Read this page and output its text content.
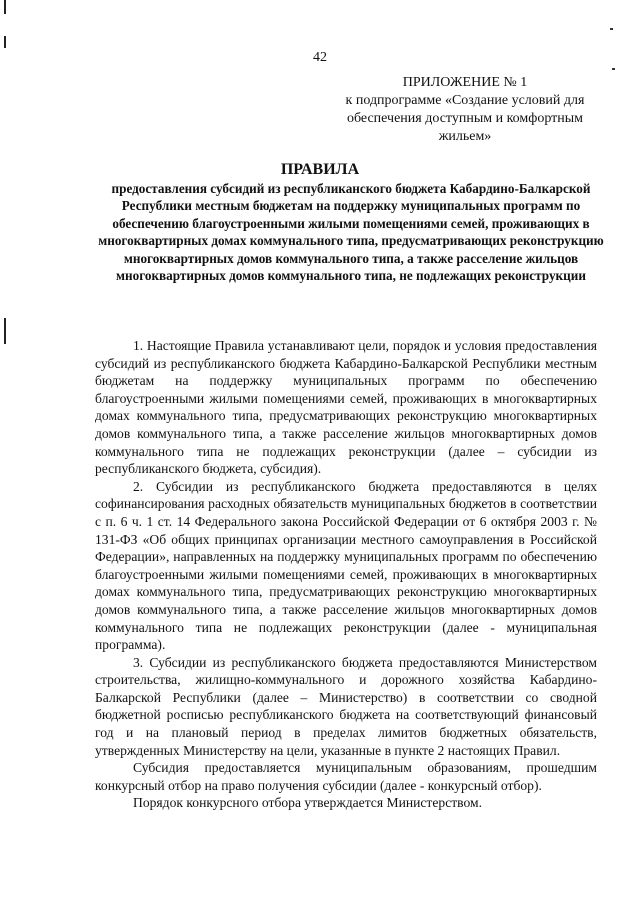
42
ПРИЛОЖЕНИЕ № 1
к подпрограмме «Создание условий для обеспечения доступным и комфортным жильем»
ПРАВИЛА
предоставления субсидий из республиканского бюджета Кабардино-Балкарской Республики местным бюджетам на поддержку муниципальных программ по обеспечению благоустроенными жилыми помещениями семей, проживающих в многоквартирных домах коммунального типа, предусматривающих реконструкцию многоквартирных домов коммунального типа, а также расселение жильцов многоквартирных домов коммунального типа, не подлежащих реконструкции

1. Настоящие Правила устанавливают цели, порядок и условия предоставления субсидий из республиканского бюджета Кабардино-Балкарской Республики местным бюджетам на поддержку муниципальных программ по обеспечению благоустроенными жилыми помещениями семей, проживающих в многоквартирных домах коммунального типа, предусматривающих реконструкцию многоквартирных домов коммунального типа, а также расселение жильцов многоквартирных домов коммунального типа не подлежащих реконструкции (далее – субсидии из республиканского бюджета, субсидия).

2. Субсидии из республиканского бюджета предоставляются в целях софинансирования расходных обязательств муниципальных бюджетов в соответствии с п. 6 ч. 1 ст. 14 Федерального закона Российской Федерации от 6 октября 2003 г. № 131-ФЗ «Об общих принципах организации местного самоуправления в Российской Федерации», направленных на поддержку муниципальных программ по обеспечению благоустроенными жилыми помещениями семей, проживающих в многоквартирных домах коммунального типа, предусматривающих реконструкцию многоквартирных домов коммунального типа, а также расселение жильцов многоквартирных домов коммунального типа не подлежащих реконструкции (далее - муниципальная программа).

3. Субсидии из республиканского бюджета предоставляются Министерством строительства, жилищно-коммунального и дорожного хозяйства Кабардино-Балкарской Республики (далее – Министерство) в соответствии со сводной бюджетной росписью республиканского бюджета на соответствующий финансовый год и на плановый период в пределах лимитов бюджетных обязательств, утвержденных Министерству на цели, указанные в пункте 2 настоящих Правил.

Субсидия предоставляется муниципальным образованиям, прошедшим конкурсный отбор на право получения субсидии (далее - конкурсный отбор).

Порядок конкурсного отбора утверждается Министерством.
